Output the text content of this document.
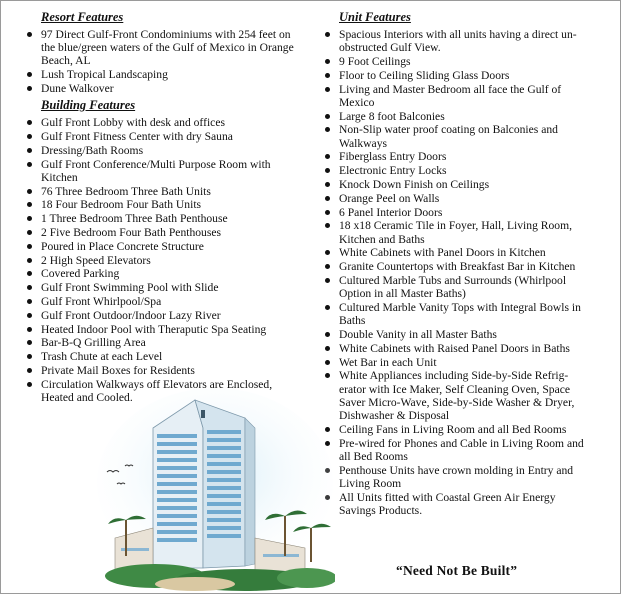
Resort Features
97 Direct Gulf-Front Condominiums with 254 feet on the blue/green waters of the Gulf of Mexico in Orange Beach, AL
Lush Tropical Landscaping
Dune Walkover
Building Features
Gulf Front Lobby with desk and offices
Gulf Front Fitness Center with dry Sauna
Dressing/Bath Rooms
Gulf Front Conference/Multi Purpose Room with Kitchen
76 Three Bedroom Three Bath Units
18 Four Bedroom Four Bath Units
1 Three Bedroom Three Bath Penthouse
2 Five Bedroom Four Bath Penthouses
Poured in Place Concrete Structure
2 High Speed Elevators
Covered Parking
Gulf Front Swimming Pool with Slide
Gulf Front Whirlpool/Spa
Gulf Front Outdoor/Indoor Lazy River
Heated Indoor Pool with Theraputic Spa Seating
Bar-B-Q Grilling Area
Trash Chute at each Level
Private Mail Boxes for Residents
Circulation Walkways off Elevators are Enclosed, Heated and Cooled.
Unit Features
Spacious Interiors with all units having a direct un-obstructed Gulf View.
9 Foot Ceilings
Floor to Ceiling Sliding Glass Doors
Living and Master Bedroom all face the Gulf of Mexico
Large 8 foot Balconies
Non-Slip water proof coating on Balconies and Walkways
Fiberglass Entry Doors
Electronic Entry Locks
Knock Down Finish on Ceilings
Orange Peel on Walls
6 Panel Interior Doors
18 x18 Ceramic Tile in Foyer, Hall, Living Room, Kitchen and Baths
White Cabinets with Panel Doors in Kitchen
Granite Countertops with Breakfast Bar in Kitchen
Cultured Marble Tubs and Surrounds (Whirlpool Option in all Master Baths)
Cultured Marble Vanity Tops with Integral Bowls in Baths
Double Vanity in all Master Baths
White Cabinets with Raised Panel Doors in Baths
Wet Bar in each Unit
White Appliances including Side-by-Side Refrig-erator with Ice Maker, Self Cleaning Oven, Space Saver Micro-Wave, Side-by-Side Washer & Dryer, Dishwasher & Disposal
Ceiling Fans in Living Room and all Bed Rooms
Pre-wired for Phones and Cable in Living Room and all Bed Rooms
Penthouse Units have crown molding in Entry and Living Room
All Units fitted with Coastal Green Air Energy Savings Products.
“Need Not Be Built”
